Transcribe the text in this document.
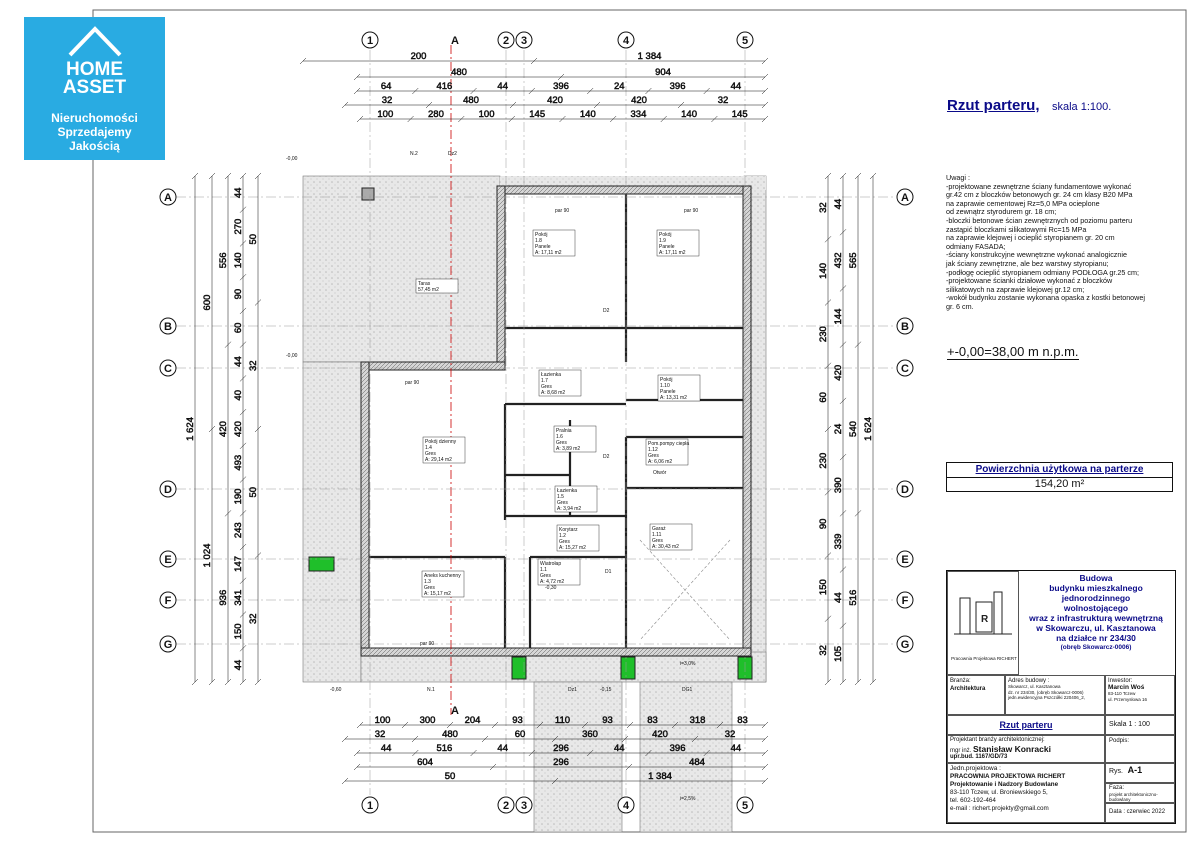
A
A
1	2 3	4	5
1	2 3	4	5
A
B
C
D
E
F
G
A
B
C
D
E
F
G
200	1 384
480	904
64	416	44	396	24	396	44
32	480	420	420	32
100	280	100	145	140	334	140	145
100	300	204	93	110	93	83	318	83
32	480	60	360	420	32
44	516	44	296	44	396	44
604	296	484
50	1 384
1 624
600
1 024
556
420
936
44
270
140
90
60
44
40
420
493
190
243
147
341
150
44
50
32
50
32
1 624
565
540
516
44
432
144
420
24
390
339
44
105
32
140
230
60
230
90
150
32
Taras
57,45 m2
Pokój
1.8
Panele
A: 17,11 m2
Pokój
1.9
Panele
A: 17,11 m2
Łazienka
1.7
Gres
A: 8,68 m2
Pokój
1.10
Panele
A: 13,31 m2
Pokój dzienny
1.4
Gres
A: 29,14 m2
Pralnia
1.6
Gres
A: 3,89 m2
Pom.pompy ciepła
1.12
Gres
A: 6,06 m2
Łazienka
1.5
Gres
A: 3,94 m2
Korytarz
1.2
Gres
A: 15,27 m2
Garaż
1.11
Gres
A: 30,43 m2
Aneks kuchenny
1.3
Gres
A: 15,17 m2
Wiatrołap
1.1
Gres
A: 4,72 m2
par 90
par 90	par 90
par 90
Otwór
D2
D2
D1
N.2
N.1	Dz1
Dz2
DG1
i=3,0%
i=2,5%
-0,00
-0,00
-0,60	-0,15
-0,30
HOME
ASSET
Nieruchomości
Sprzedajemy
Jakością
Rzut parteru, skala 1:100.
Uwagi :
-projektowane zewnętrzne ściany fundamentowe wykonać
gr.42 cm z bloczków betonowych gr. 24 cm klasy B20 MPa
na zaprawie cementowej Rz=5,0 MPa ocieplone
od zewnątrz styrodurem gr. 18 cm;
-bloczki betonowe ścian zewnętrznych od poziomu parteru
zastąpić bloczkami silikatowymi Rc=15 MPa
na zaprawie klejowej i ocieplić styropianem gr. 20 cm
odmiany FASADA;
-ściany konstrukcyjne wewnętrzne wykonać analogicznie
jak ściany zewnętrzne, ale bez warstwy styropianu;
-podłogę ocieplić styropianem odmiany PODŁOGA gr.25 cm;
-projektowane ścianki działowe wykonać z bloczków
silikatowych na zaprawie klejowej gr.12 cm;
-wokół budynku zostanie wykonana opaska z kostki betonowej
gr. 6 cm.
+-0,00=38,00 m n.p.m.
Powierzchnia użytkowa na parterze
154,20 m²
R
Pracownia Projektowa RICHERT
Budowa
budynku mieszkalnego
jednorodzinnego
wolnostojącego
wraz z infrastrukturą wewnętrzną
w Skowarczu, ul. Kasztanowa
na działce nr 234/30
(obręb Skowarcz-0006)
Branża:
Architektura
Adres budowy :
Skowarcz, ul. Kasztanowa
dz. nr 234/30, (obręb Skowarcz-0006)
jedn.ewidencyjna Pszczółki 220406_2,
Inwestor:
Marcin Woś
83-110 Tczew
ul. Przemysłowa 16
Rzut parteru	Skala 1 : 100
Projektant branży architektonicznej:
mgr inż. Stanisław Konracki
upr.bud. 1167/GD/73
Podpis:
Jedn.projektowa :
PRACOWNIA PROJEKTOWA RICHERT
Projektowanie i Nadzory Budowlane
83-110 Tczew, ul. Broniewskiego 5,
tel. 602-192-464
e-mail : richert.projekty@gmail.com
Rys. A-1
Faza:
projekt architektoniczno-budowlany
Data : czerwiec 2022
